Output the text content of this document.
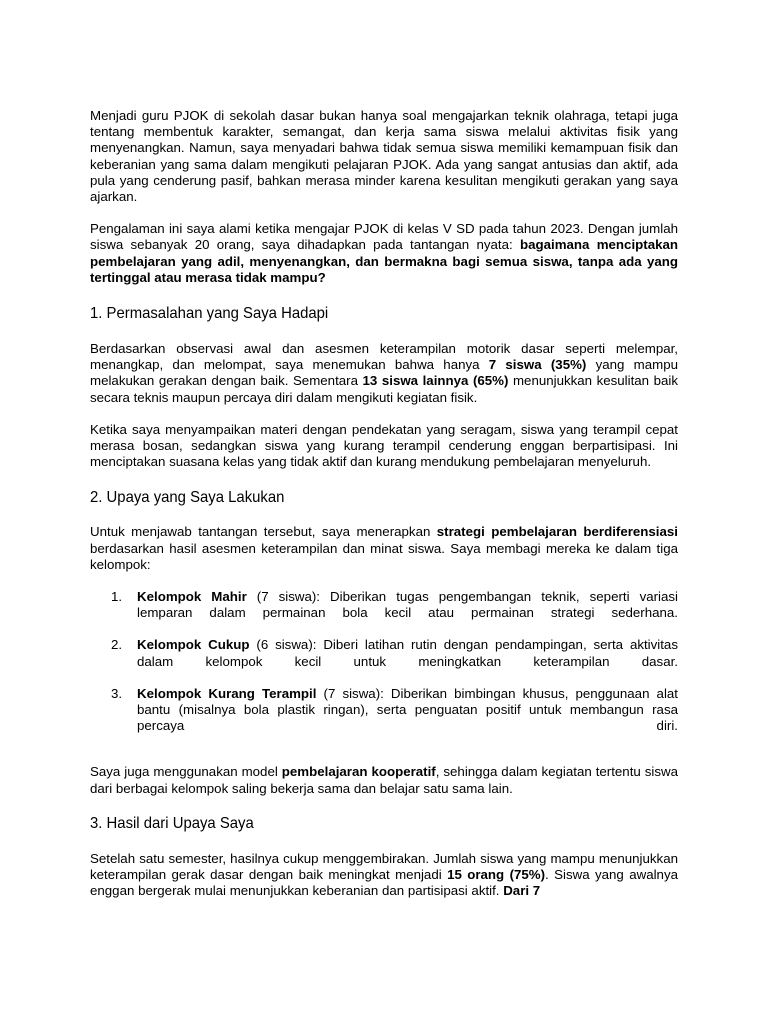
Menjadi guru PJOK di sekolah dasar bukan hanya soal mengajarkan teknik olahraga, tetapi juga tentang membentuk karakter, semangat, dan kerja sama siswa melalui aktivitas fisik yang menyenangkan. Namun, saya menyadari bahwa tidak semua siswa memiliki kemampuan fisik dan keberanian yang sama dalam mengikuti pelajaran PJOK. Ada yang sangat antusias dan aktif, ada pula yang cenderung pasif, bahkan merasa minder karena kesulitan mengikuti gerakan yang saya ajarkan.

Pengalaman ini saya alami ketika mengajar PJOK di kelas V SD pada tahun 2023. Dengan jumlah siswa sebanyak 20 orang, saya dihadapkan pada tantangan nyata: bagaimana menciptakan pembelajaran yang adil, menyenangkan, dan bermakna bagi semua siswa, tanpa ada yang tertinggal atau merasa tidak mampu?

1. Permasalahan yang Saya Hadapi

Berdasarkan observasi awal dan asesmen keterampilan motorik dasar seperti melempar, menangkap, dan melompat, saya menemukan bahwa hanya 7 siswa (35%) yang mampu melakukan gerakan dengan baik. Sementara 13 siswa lainnya (65%) menunjukkan kesulitan baik secara teknis maupun percaya diri dalam mengikuti kegiatan fisik.

Ketika saya menyampaikan materi dengan pendekatan yang seragam, siswa yang terampil cepat merasa bosan, sedangkan siswa yang kurang terampil cenderung enggan berpartisipasi. Ini menciptakan suasana kelas yang tidak aktif dan kurang mendukung pembelajaran menyeluruh.

2. Upaya yang Saya Lakukan

Untuk menjawab tantangan tersebut, saya menerapkan strategi pembelajaran berdiferensiasi berdasarkan hasil asesmen keterampilan dan minat siswa. Saya membagi mereka ke dalam tiga kelompok:

1. Kelompok Mahir (7 siswa): Diberikan tugas pengembangan teknik, seperti variasi lemparan dalam permainan bola kecil atau permainan strategi sederhana.
2. Kelompok Cukup (6 siswa): Diberi latihan rutin dengan pendampingan, serta aktivitas dalam kelompok kecil untuk meningkatkan keterampilan dasar.
3. Kelompok Kurang Terampil (7 siswa): Diberikan bimbingan khusus, penggunaan alat bantu (misalnya bola plastik ringan), serta penguatan positif untuk membangun rasa percaya diri.

Saya juga menggunakan model pembelajaran kooperatif, sehingga dalam kegiatan tertentu siswa dari berbagai kelompok saling bekerja sama dan belajar satu sama lain.

3. Hasil dari Upaya Saya

Setelah satu semester, hasilnya cukup menggembirakan. Jumlah siswa yang mampu menunjukkan keterampilan gerak dasar dengan baik meningkat menjadi 15 orang (75%). Siswa yang awalnya enggan bergerak mulai menunjukkan keberanian dan partisipasi aktif. Dari 7
